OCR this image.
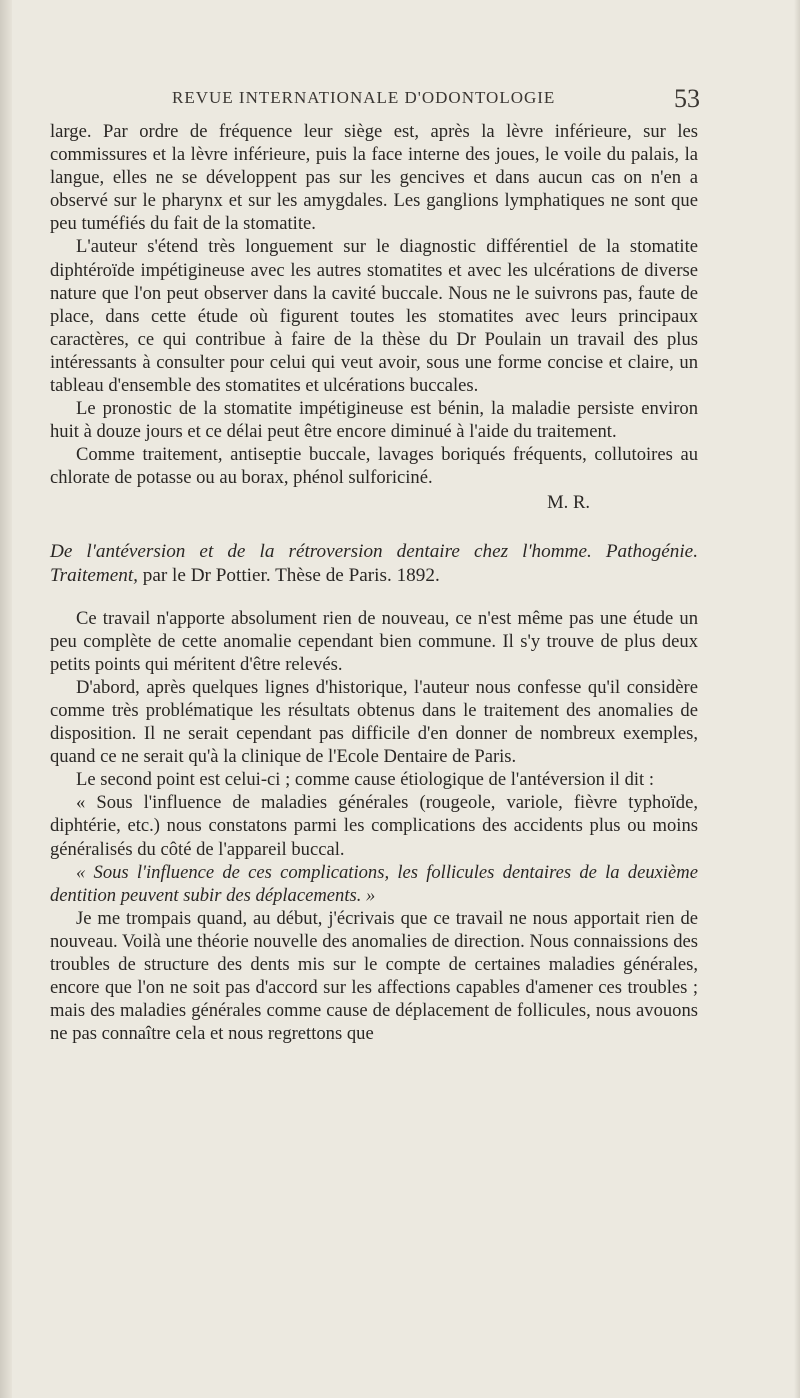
REVUE INTERNATIONALE D'ODONTOLOGIE	53

large. Par ordre de fréquence leur siège est, après la lèvre inférieure, sur les commissures et la lèvre inférieure, puis la face interne des joues, le voile du palais, la langue, elles ne se développent pas sur les gencives et dans aucun cas on n'en a observé sur le pharynx et sur les amygdales. Les ganglions lymphatiques ne sont que peu tuméfiés du fait de la stomatite.

L'auteur s'étend très longuement sur le diagnostic différentiel de la stomatite diphtéroïde impétigineuse avec les autres stomatites et avec les ulcérations de diverse nature que l'on peut observer dans la cavité buccale. Nous ne le suivrons pas, faute de place, dans cette étude où figurent toutes les stomatites avec leurs principaux caractères, ce qui contribue à faire de la thèse du Dr Poulain un travail des plus intéressants à consulter pour celui qui veut avoir, sous une forme concise et claire, un tableau d'ensemble des stomatites et ulcérations buccales.

Le pronostic de la stomatite impétigineuse est bénin, la maladie persiste environ huit à douze jours et ce délai peut être encore diminué à l'aide du traitement.

Comme traitement, antiseptie buccale, lavages boriqués fréquents, collutoires au chlorate de potasse ou au borax, phénol sulforiciné.

M. R.

De l'antéversion et de la rétroversion dentaire chez l'homme. Pathogénie. Traitement, par le Dr Pottier. Thèse de Paris. 1892.

Ce travail n'apporte absolument rien de nouveau, ce n'est même pas une étude un peu complète de cette anomalie cependant bien commune. Il s'y trouve de plus deux petits points qui méritent d'être relevés.

D'abord, après quelques lignes d'historique, l'auteur nous confesse qu'il considère comme très problématique les résultats obtenus dans le traitement des anomalies de disposition. Il ne serait cependant pas difficile d'en donner de nombreux exemples, quand ce ne serait qu'à la clinique de l'Ecole Dentaire de Paris.

Le second point est celui-ci ; comme cause étiologique de l'antéversion il dit :

« Sous l'influence de maladies générales (rougeole, variole, fièvre typhoïde, diphtérie, etc.) nous constatons parmi les complications des accidents plus ou moins généralisés du côté de l'appareil buccal.

« Sous l'influence de ces complications, les follicules dentaires de la deuxième dentition peuvent subir des déplacements. »

Je me trompais quand, au début, j'écrivais que ce travail ne nous apportait rien de nouveau. Voilà une théorie nouvelle des anomalies de direction. Nous connaissions des troubles de structure des dents mis sur le compte de certaines maladies générales, encore que l'on ne soit pas d'accord sur les affections capables d'amener ces troubles ; mais des maladies générales comme cause de déplacement de follicules, nous avouons ne pas connaître cela et nous regrettons que
